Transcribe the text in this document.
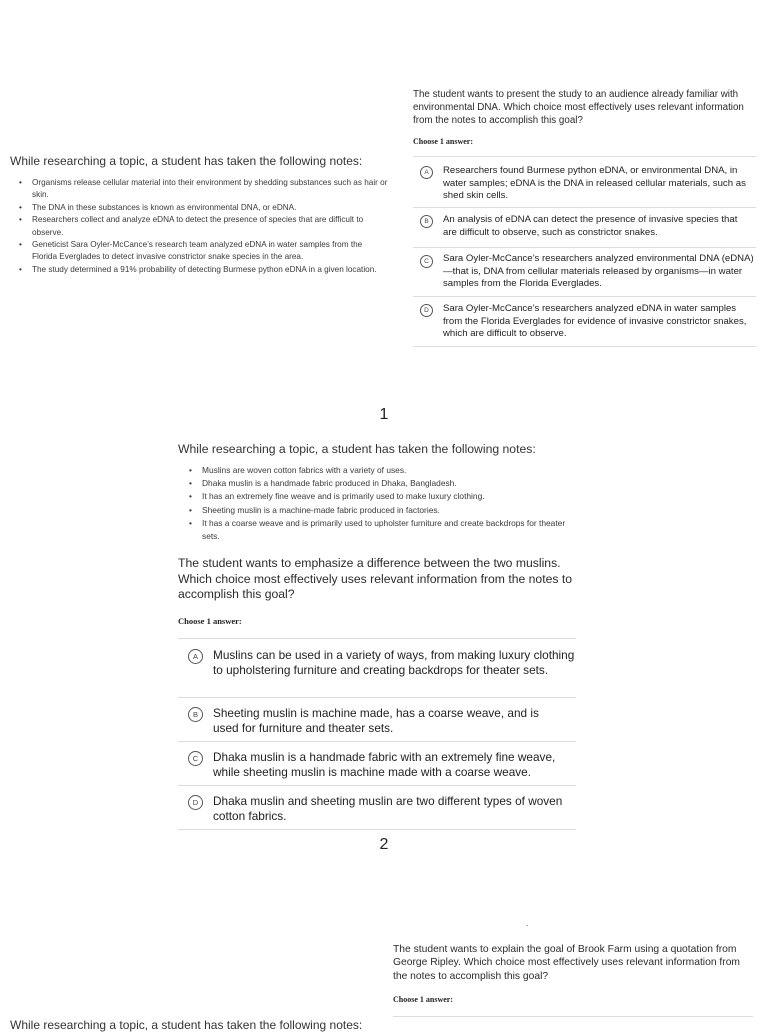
While researching a topic, a student has taken the following notes:
• Organisms release cellular material into their environment by shedding substances such as hair or skin.
• The DNA in these substances is known as environmental DNA, or eDNA.
• Researchers collect and analyze eDNA to detect the presence of species that are difficult to observe.
• Geneticist Sara Oyler-McCance’s research team analyzed eDNA in water samples from the Florida Everglades to detect invasive constrictor snake species in the area.
• The study determined a 91% probability of detecting Burmese python eDNA in a given location.
The student wants to present the study to an audience already familiar with environmental DNA. Which choice most effectively uses relevant information from the notes to accomplish this goal?
Choose 1 answer:
A	Researchers found Burmese python eDNA, or environmental DNA, in water samples; eDNA is the DNA in released cellular materials, such as shed skin cells.
B	An analysis of eDNA can detect the presence of invasive species that are difficult to observe, such as constrictor snakes.
C	Sara Oyler-McCance’s researchers analyzed environmental DNA (eDNA)—that is, DNA from cellular materials released by organisms—in water samples from the Florida Everglades.
D	Sara Oyler-McCance’s researchers analyzed eDNA in water samples from the Florida Everglades for evidence of invasive constrictor snakes, which are difficult to observe.
1
While researching a topic, a student has taken the following notes:
• Muslins are woven cotton fabrics with a variety of uses.
• Dhaka muslin is a handmade fabric produced in Dhaka, Bangladesh.
• It has an extremely fine weave and is primarily used to make luxury clothing.
• Sheeting muslin is a machine-made fabric produced in factories.
• It has a coarse weave and is primarily used to upholster furniture and create backdrops for theater sets.
The student wants to emphasize a difference between the two muslins. Which choice most effectively uses relevant information from the notes to accomplish this goal?
Choose 1 answer:
A	Muslins can be used in a variety of ways, from making luxury clothing to upholstering furniture and creating backdrops for theater sets.
B	Sheeting muslin is machine made, has a coarse weave, and is used for furniture and theater sets.
C	Dhaka muslin is a handmade fabric with an extremely fine weave, while sheeting muslin is machine made with a coarse weave.
D	Dhaka muslin and sheeting muslin are two different types of woven cotton fabrics.
2
.
The student wants to explain the goal of Brook Farm using a quotation from George Ripley. Which choice most effectively uses relevant information from the notes to accomplish this goal?
Choose 1 answer:
While researching a topic, a student has taken the following notes:
